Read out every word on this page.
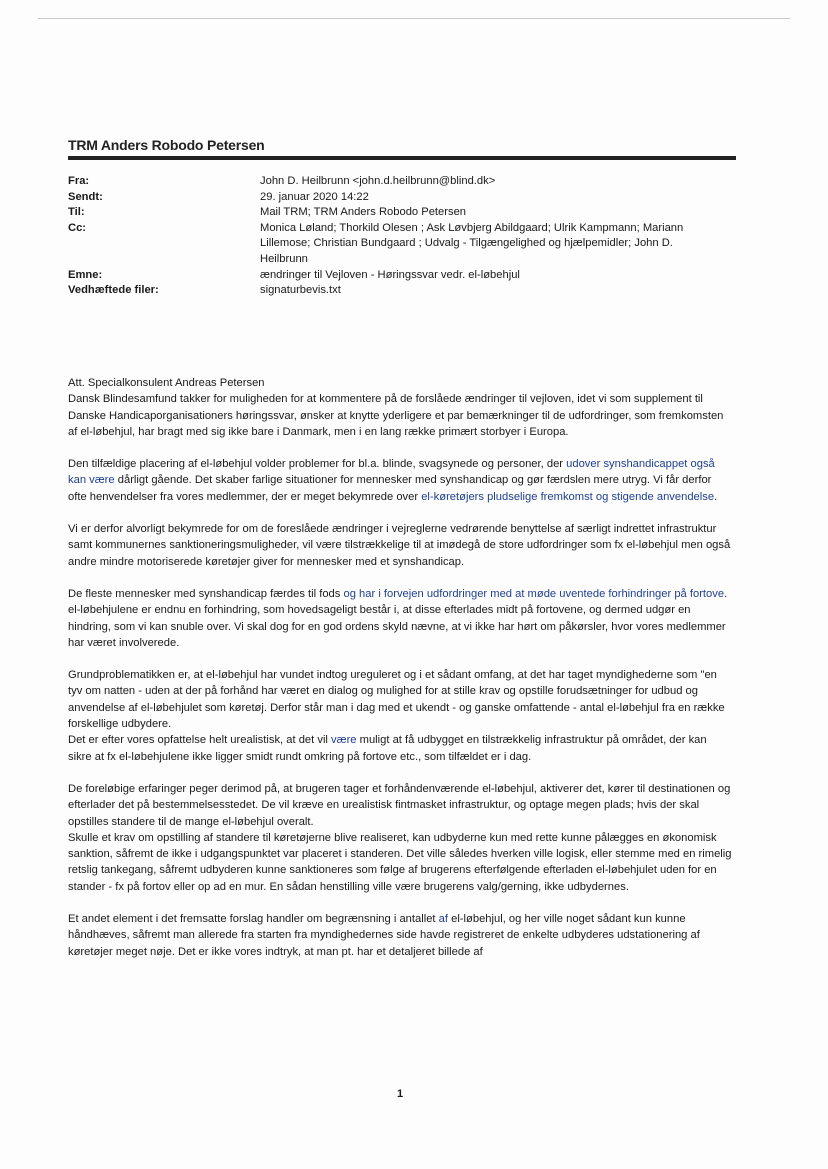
TRM Anders Robodo Petersen
Fra:	John D. Heilbrunn <john.d.heilbrunn@blind.dk>
Sendt:	29. januar 2020 14:22
Til:	Mail TRM; TRM Anders Robodo Petersen
Cc:	Monica Løland; Thorkild Olesen ; Ask Løvbjerg Abildgaard; Ulrik Kampmann; Mariann Lillemose; Christian Bundgaard ; Udvalg - Tilgængelighed og hjælpemidler; John D. Heilbrunn
Emne:	ændringer til Vejloven - Høringssvar vedr. el-løbehjul
Vedhæftede filer:	signaturbevis.txt

Att. Specialkonsulent Andreas Petersen
Dansk Blindesamfund takker for muligheden for at kommentere på de forslåede ændringer til vejloven, idet vi som supplement til Danske Handicaporganisationers høringssvar, ønsker at knytte yderligere et par bemærkninger til de udfordringer, som fremkomsten af el-løbehjul, har bragt med sig ikke bare i Danmark, men i en lang række primært storbyer i Europa.

Den tilfældige placering af el-løbehjul volder problemer for bl.a. blinde, svagsynede og personer, der udover synshandicappet også kan være dårligt gående. Det skaber farlige situationer for mennesker med synshandicap og gør færdslen mere utryg. Vi får derfor ofte henvendelser fra vores medlemmer, der er meget bekymrede over el-køretøjers pludselige fremkomst og stigende anvendelse.

Vi er derfor alvorligt bekymrede for om de foreslåede ændringer i vejreglerne vedrørende benyttelse af særligt indrettet infrastruktur samt kommunernes sanktioneringsmuligheder, vil være tilstrækkelige til at imødegå de store udfordringer som fx el-løbehjul men også andre mindre motoriserede køretøjer giver for mennesker med et synshandicap.

De fleste mennesker med synshandicap færdes til fods og har i forvejen udfordringer med at møde uventede forhindringer på fortove. el-løbehjulene er endnu en forhindring, som hovedsageligt består i, at disse efterlades midt på fortovene, og dermed udgør en hindring, som vi kan snuble over. Vi skal dog for en god ordens skyld nævne, at vi ikke har hørt om påkørsler, hvor vores medlemmer har været involverede.

Grundproblematikken er, at el-løbehjul har vundet indtog ureguleret og i et sådant omfang, at det har taget myndighederne som "en tyv om natten - uden at der på forhånd har været en dialog og mulighed for at stille krav og opstille forudsætninger for udbud og anvendelse af el-løbehjulet som køretøj. Derfor står man i dag med et ukendt - og ganske omfattende - antal el-løbehjul fra en række forskellige udbydere.
Det er efter vores opfattelse helt urealistisk, at det vil være muligt at få udbygget en tilstrækkelig infrastruktur på området, der kan sikre at fx el-løbehjulene ikke ligger smidt rundt omkring på fortove etc., som tilfældet er i dag.

De foreløbige erfaringer peger derimod på, at brugeren tager et forhåndenværende el-løbehjul, aktiverer det, kører til destinationen og efterlader det på bestemmelsesstedet. De vil kræve en urealistisk fintmasket infrastruktur, og optage megen plads; hvis der skal opstilles standere til de mange el-løbehjul overalt.
Skulle et krav om opstilling af standere til køretøjerne blive realiseret, kan udbyderne kun med rette kunne pålægges en økonomisk sanktion, såfremt de ikke i udgangspunktet var placeret i standeren. Det ville således hverken ville logisk, eller stemme med en rimelig retslig tankegang, såfremt udbyderen kunne sanktioneres som følge af brugerens efterfølgende efterladen el-løbehjulet uden for en stander - fx på fortov eller op ad en mur. En sådan henstilling ville være brugerens valg/gerning, ikke udbydernes.

Et andet element i det fremsatte forslag handler om begrænsning i antallet af el-løbehjul, og her ville noget sådant kun kunne håndhæves, såfremt man allerede fra starten fra myndighedernes side havde registreret de enkelte udbyderes udstationering af køretøjer meget nøje. Det er ikke vores indtryk, at man pt. har et detaljeret billede af

1
